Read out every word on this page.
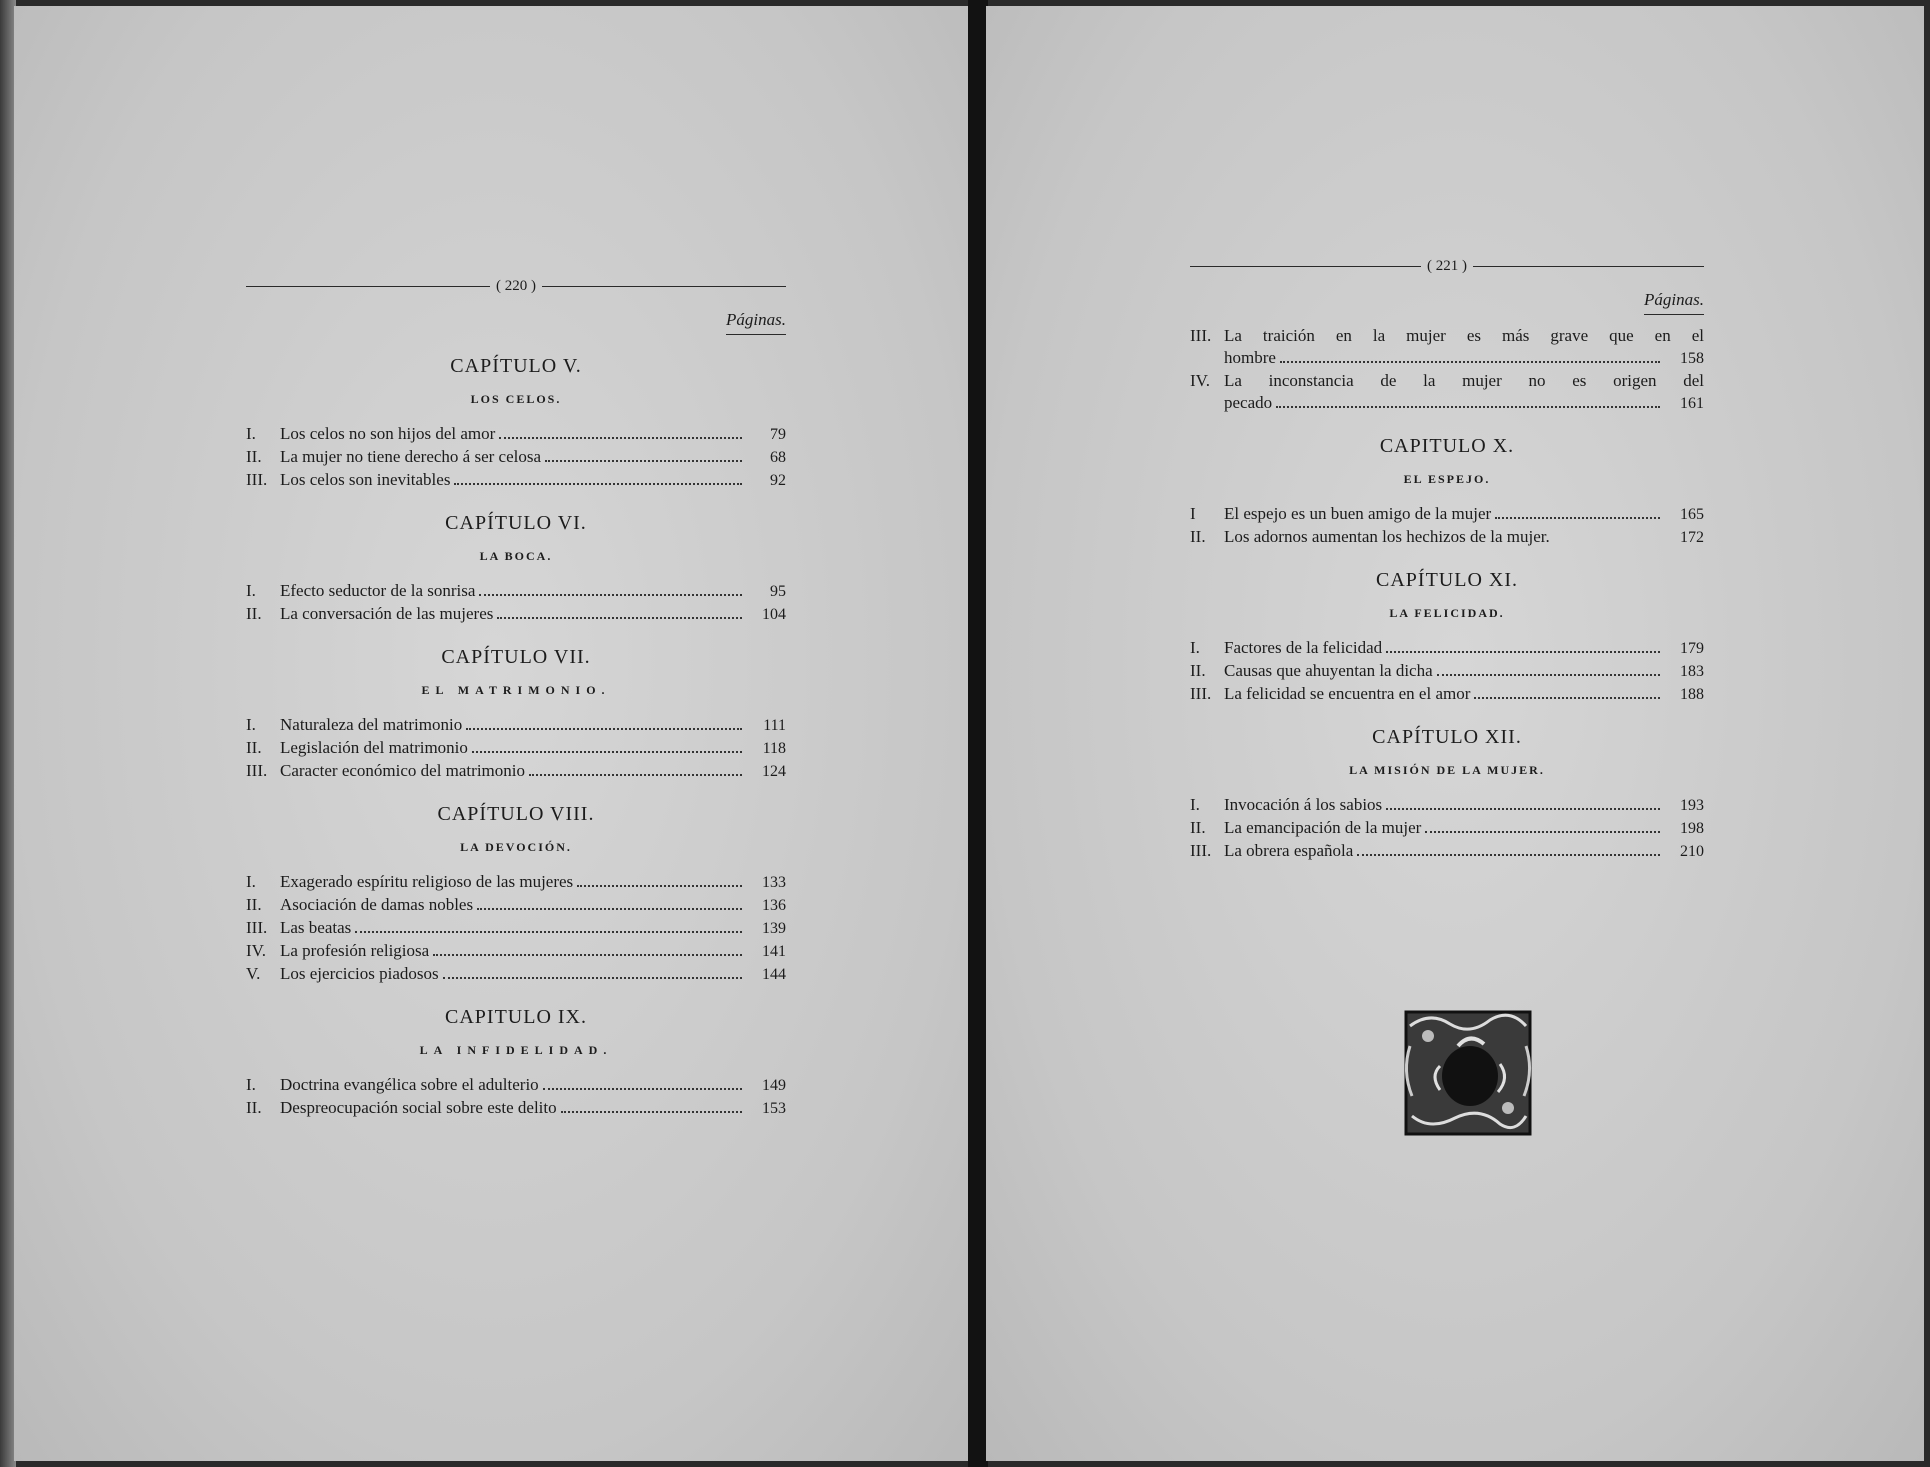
( 220 )
Páginas.
CAPÍTULO V.
LOS CELOS.
I.	Los celos no son hijos del amor	79
II.	La mujer no tiene derecho á ser celosa	68
III. Los celos son inevitables	92
CAPÍTULO VI.
LA BOCA.
I.	Efecto seductor de la sonrisa	95
II.	La conversación de las mujeres	104
CAPÍTULO VII.
EL MATRIMONIO.
I.	Naturaleza del matrimonio	111
II.	Legislación del matrimonio	118
III. Caracter económico del matrimonio	124
CAPÍTULO VIII.
LA DEVOCIÓN.
I.	Exagerado espíritu religioso de las mujeres	133
II.	Asociación de damas nobles	136
III. Las beatas	139
IV. La profesión religiosa	141
V.	Los ejercicios piadosos	144
CAPITULO IX.
LA INFIDELIDAD.
I.	Doctrina evangélica sobre el adulterio	149
II.	Despreocupación social sobre este delito	153
( 221 )
Páginas.
III. La traición en la mujer es más grave que en el
hombre	158
IV. La inconstancia de la mujer no es origen del
pecado	161
CAPITULO X.
EL ESPEJO.
I	El espejo es un buen amigo de la mujer	165
II.	Los adornos aumentan los hechizos de la mujer.	172
CAPÍTULO XI.
LA FELICIDAD.
I.	Factores de la felicidad	179
II.	Causas que ahuyentan la dicha	183
III. La felicidad se encuentra en el amor	188
CAPÍTULO XII.
LA MISIÓN DE LA MUJER.
I.	Invocación á los sabios	193
II.	La emancipación de la mujer	198
III. La obrera española	210
